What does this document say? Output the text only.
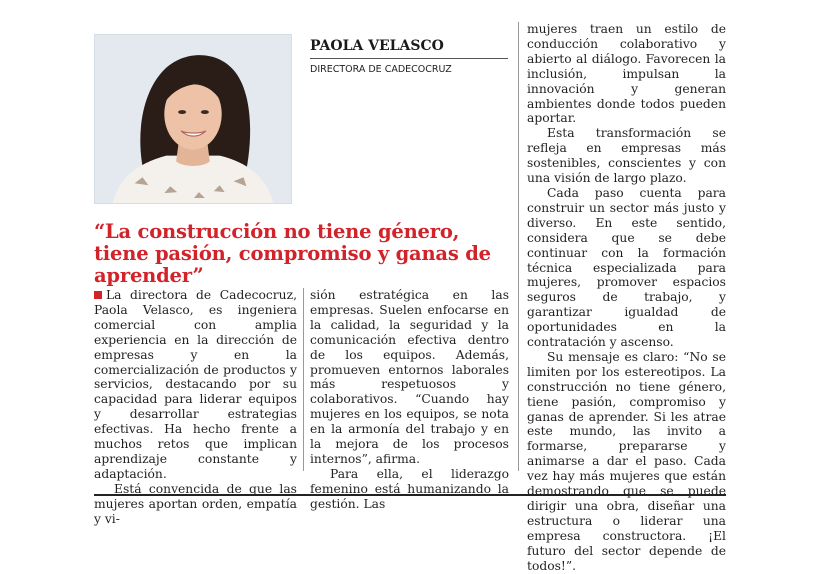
PAOLA VELASCO
DIRECTORA DE CADECOCRUZ
“La construcción no tiene género, tiene pasión, compromiso y ganas de aprender”

La directora de Cadecocruz, Paola Velasco, es ingeniera comercial con amplia experiencia en la dirección de empresas y en la comercialización de productos y servicios, destacando por su capacidad para liderar equipos y desarrollar estrategias efectivas. Ha hecho frente a muchos retos que implican aprendizaje constante y adaptación.

Está convencida de que las mujeres aportan orden, empatía y vi-

sión estratégica en las empresas. Suelen enfocarse en la calidad, la seguridad y la comunicación efectiva dentro de los equipos. Además, promueven entornos laborales más respetuosos y colaborativos. “Cuando hay mujeres en los equipos, se nota en la armonía del trabajo y en la mejora de los procesos internos”, afirma.

Para ella, el liderazgo femenino está humanizando la gestión. Las

mujeres traen un estilo de conducción colaborativo y abierto al diálogo. Favorecen la inclusión, impulsan la innovación y generan ambientes donde todos pueden aportar.

Esta transformación se refleja en empresas más sostenibles, conscientes y con una visión de largo plazo.

Cada paso cuenta para construir un sector más justo y diverso. En este sentido, considera que se debe continuar con la formación técnica especializada para mujeres, promover espacios seguros de trabajo, y garantizar igualdad de oportunidades en la contratación y ascenso.

Su mensaje es claro: “No se limiten por los estereotipos. La construcción no tiene género, tiene pasión, compromiso y ganas de aprender. Si les atrae este mundo, las invito a formarse, prepararse y animarse a dar el paso. Cada vez hay más mujeres que están demostrando que se puede dirigir una obra, diseñar una estructura o liderar una empresa constructora. ¡El futuro del sector depende de todos!”.
